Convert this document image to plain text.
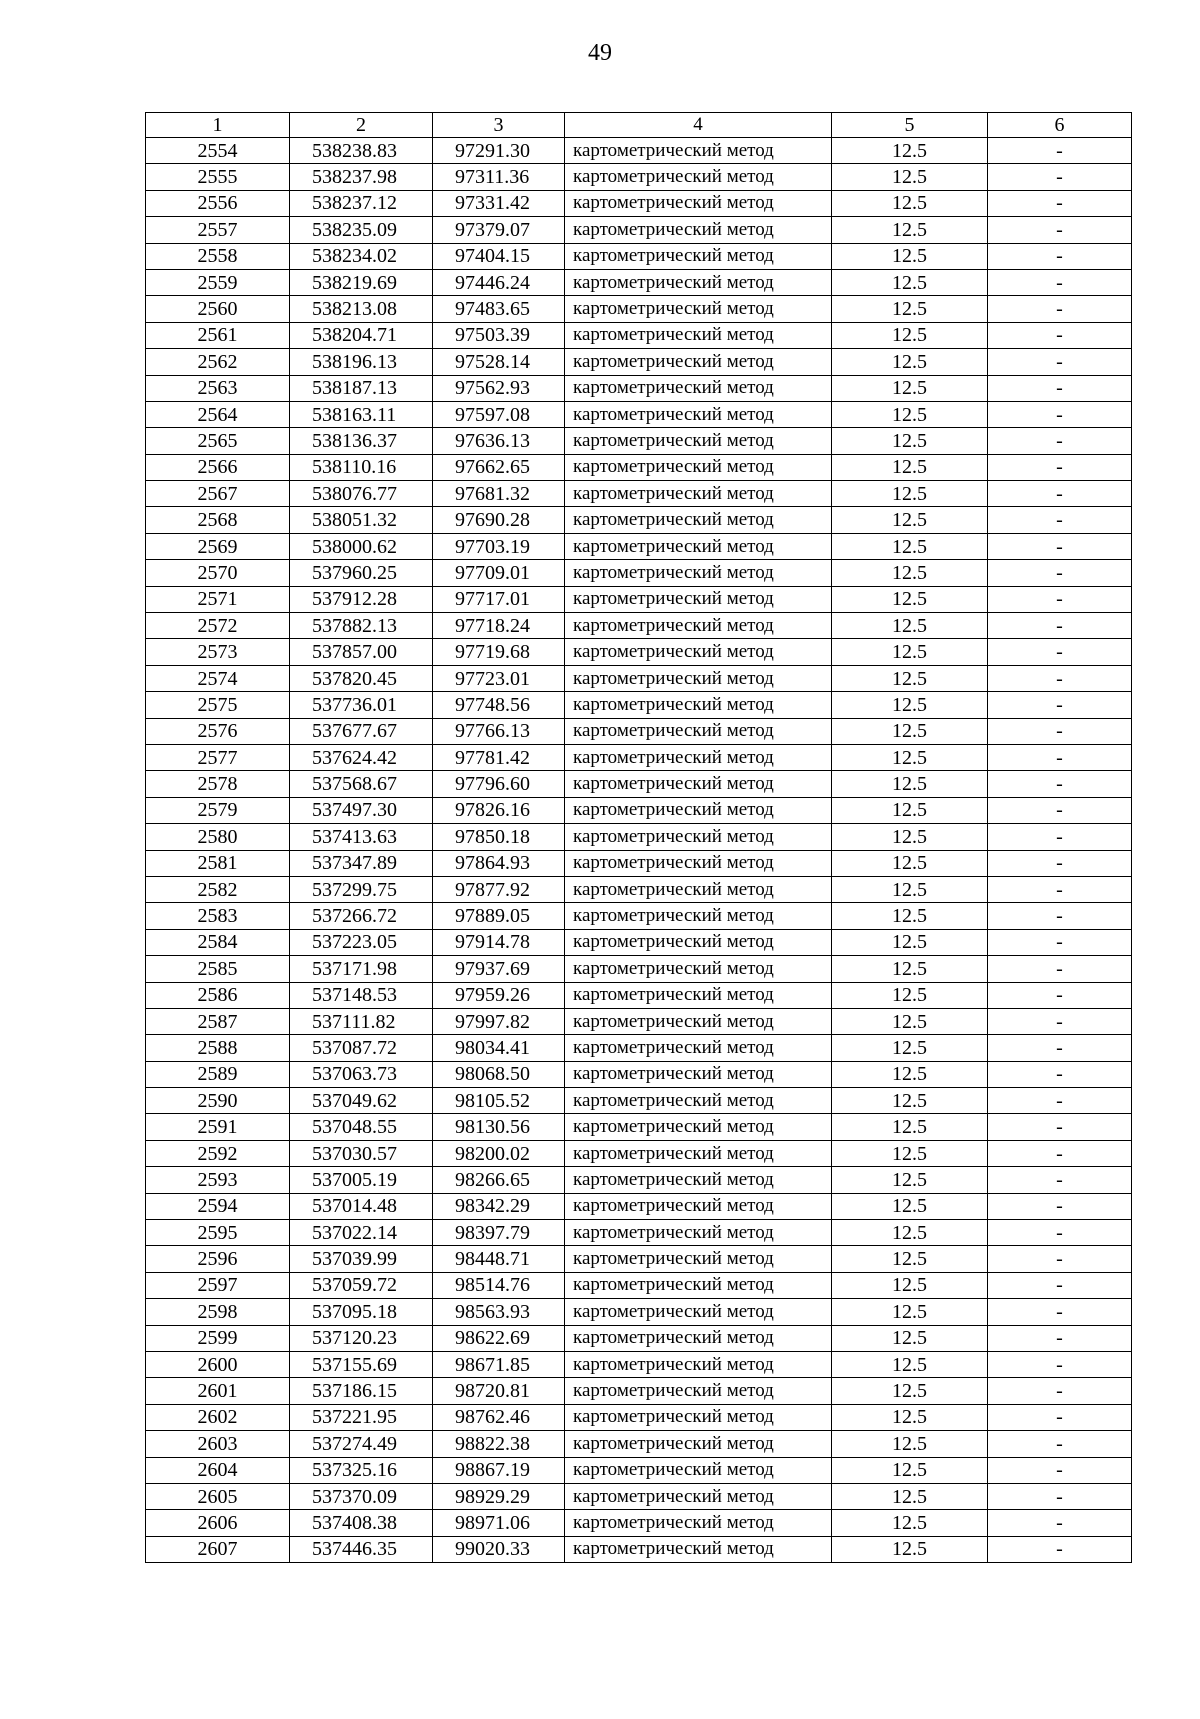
49
1	2	3	4	5	6
2554	538238.83	97291.30	картометрический метод	12.5	-
2555	538237.98	97311.36	картометрический метод	12.5	-
2556	538237.12	97331.42	картометрический метод	12.5	-
2557	538235.09	97379.07	картометрический метод	12.5	-
2558	538234.02	97404.15	картометрический метод	12.5	-
2559	538219.69	97446.24	картометрический метод	12.5	-
2560	538213.08	97483.65	картометрический метод	12.5	-
2561	538204.71	97503.39	картометрический метод	12.5	-
2562	538196.13	97528.14	картометрический метод	12.5	-
2563	538187.13	97562.93	картометрический метод	12.5	-
2564	538163.11	97597.08	картометрический метод	12.5	-
2565	538136.37	97636.13	картометрический метод	12.5	-
2566	538110.16	97662.65	картометрический метод	12.5	-
2567	538076.77	97681.32	картометрический метод	12.5	-
2568	538051.32	97690.28	картометрический метод	12.5	-
2569	538000.62	97703.19	картометрический метод	12.5	-
2570	537960.25	97709.01	картометрический метод	12.5	-
2571	537912.28	97717.01	картометрический метод	12.5	-
2572	537882.13	97718.24	картометрический метод	12.5	-
2573	537857.00	97719.68	картометрический метод	12.5	-
2574	537820.45	97723.01	картометрический метод	12.5	-
2575	537736.01	97748.56	картометрический метод	12.5	-
2576	537677.67	97766.13	картометрический метод	12.5	-
2577	537624.42	97781.42	картометрический метод	12.5	-
2578	537568.67	97796.60	картометрический метод	12.5	-
2579	537497.30	97826.16	картометрический метод	12.5	-
2580	537413.63	97850.18	картометрический метод	12.5	-
2581	537347.89	97864.93	картометрический метод	12.5	-
2582	537299.75	97877.92	картометрический метод	12.5	-
2583	537266.72	97889.05	картометрический метод	12.5	-
2584	537223.05	97914.78	картометрический метод	12.5	-
2585	537171.98	97937.69	картометрический метод	12.5	-
2586	537148.53	97959.26	картометрический метод	12.5	-
2587	537111.82	97997.82	картометрический метод	12.5	-
2588	537087.72	98034.41	картометрический метод	12.5	-
2589	537063.73	98068.50	картометрический метод	12.5	-
2590	537049.62	98105.52	картометрический метод	12.5	-
2591	537048.55	98130.56	картометрический метод	12.5	-
2592	537030.57	98200.02	картометрический метод	12.5	-
2593	537005.19	98266.65	картометрический метод	12.5	-
2594	537014.48	98342.29	картометрический метод	12.5	-
2595	537022.14	98397.79	картометрический метод	12.5	-
2596	537039.99	98448.71	картометрический метод	12.5	-
2597	537059.72	98514.76	картометрический метод	12.5	-
2598	537095.18	98563.93	картометрический метод	12.5	-
2599	537120.23	98622.69	картометрический метод	12.5	-
2600	537155.69	98671.85	картометрический метод	12.5	-
2601	537186.15	98720.81	картометрический метод	12.5	-
2602	537221.95	98762.46	картометрический метод	12.5	-
2603	537274.49	98822.38	картометрический метод	12.5	-
2604	537325.16	98867.19	картометрический метод	12.5	-
2605	537370.09	98929.29	картометрический метод	12.5	-
2606	537408.38	98971.06	картометрический метод	12.5	-
2607	537446.35	99020.33	картометрический метод	12.5	-
